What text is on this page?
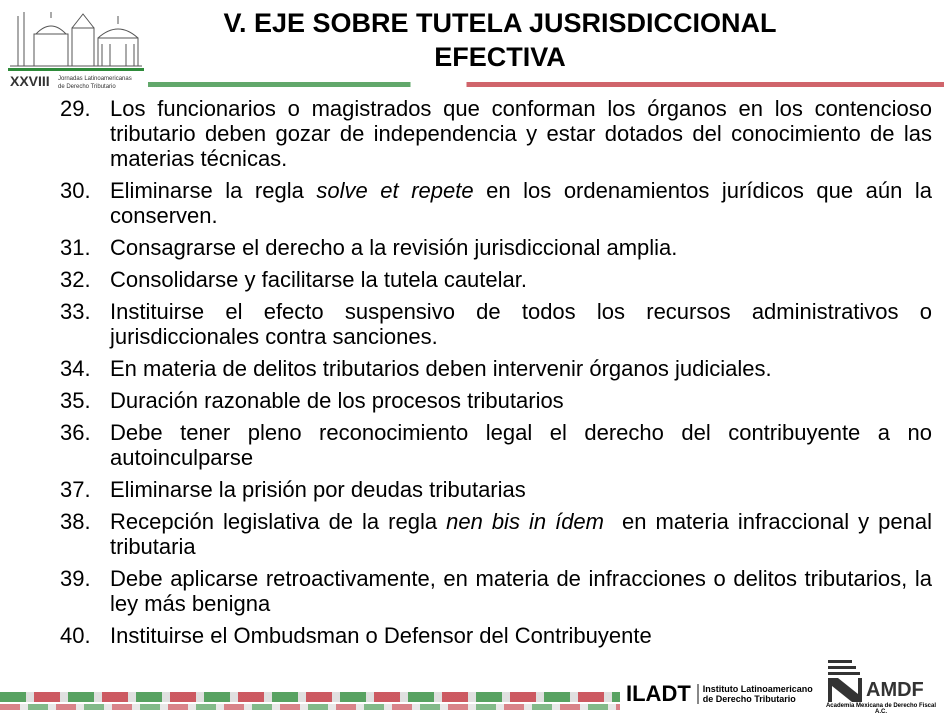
XXVIII Jornadas Latinoamericanas
de Derecho Tributario
V. EJE SOBRE TUTELA JUSRISDICCIONAL
EFECTIVA
29. Los funcionarios o magistrados que conforman los órganos en los contencioso tributario deben gozar de independencia y estar dotados del conocimiento de las materias técnicas.
30. Eliminarse la regla solve et repete en los ordenamientos jurídicos que aún la conserven.
31. Consagrarse el derecho a la revisión jurisdiccional amplia.
32. Consolidarse y facilitarse la tutela cautelar.
33. Instituirse el efecto suspensivo de todos los recursos administrativos o jurisdiccionales contra sanciones.
34. En materia de delitos tributarios deben intervenir órganos judiciales.
35. Duración razonable de los procesos tributarios
36. Debe tener pleno reconocimiento legal el derecho del contribuyente a no autoinculparse
37. Eliminarse la prisión por deudas tributarias
38. Recepción legislativa de la regla nen bis in ídem  en materia infraccional y penal tributaria
39. Debe aplicarse retroactivamente, en materia de infracciones o delitos tributarios, la ley más benigna
40. Instituirse el Ombudsman o Defensor del Contribuyente
ILADT	Instituto Latinoamericano
de Derecho Tributario	AMDF
Academia Mexicana de Derecho Fiscal A.C.
